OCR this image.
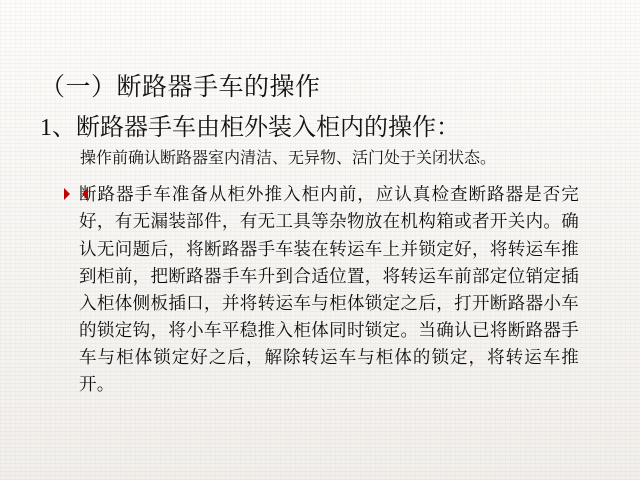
（一）断路器手车的操作
1、断路器手车由柜外装入柜内的操作：
操作前确认断路器室内清洁、无异物、活门处于关闭状态。
断路器手车准备从柜外推入柜内前，应认真检查断路器是否完好，有无漏装部件，有无工具等杂物放在机构箱或者开关内。确认无问题后，将断路器手车装在转运车上并锁定好，将转运车推到柜前，把断路器手车升到合适位置，将转运车前部定位销定插入柜体侧板插口，并将转运车与柜体锁定之后，打开断路器小车的锁定钩，将小车平稳推入柜体同时锁定。当确认已将断路器手车与柜体锁定好之后，解除转运车与柜体的锁定，将转运车推开。
